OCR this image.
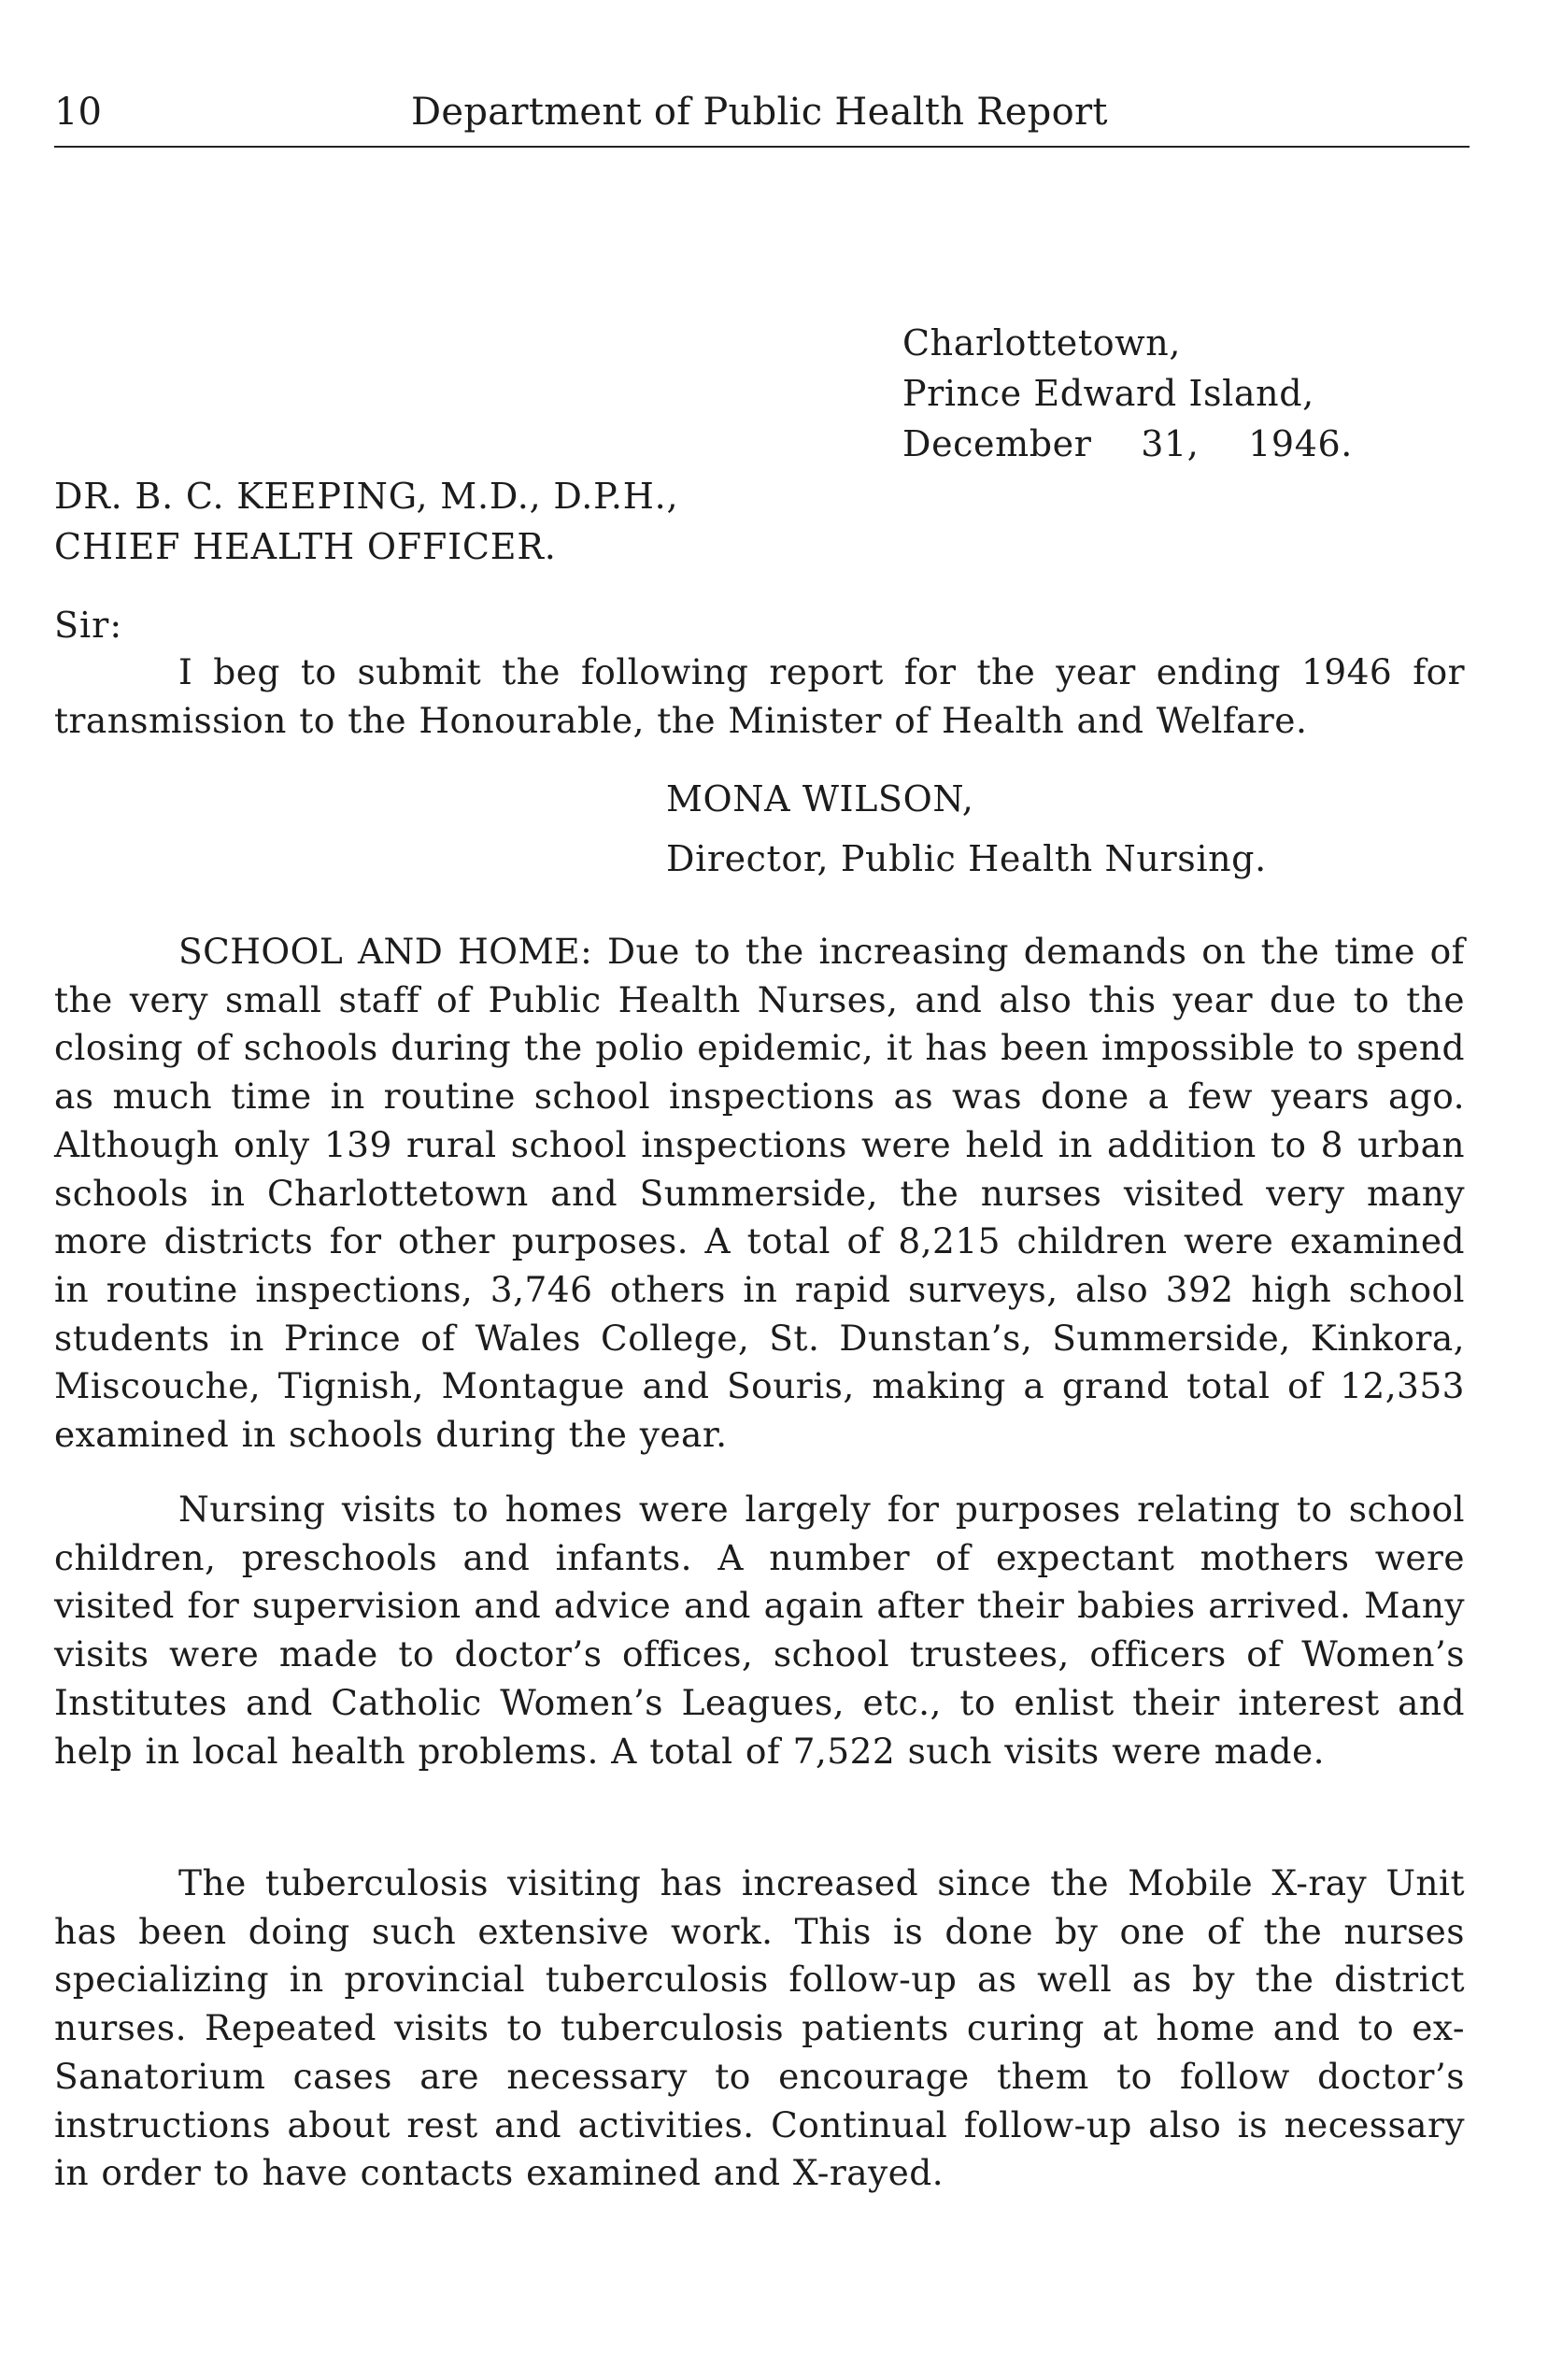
10	Department of Public Health Report
Charlottetown,
Prince Edward Island,
December 31, 1946.
DR. B. C. KEEPING, M.D., D.P.H.,
CHIEF HEALTH OFFICER.
Sir:

I beg to submit the following report for the year ending 1946 for transmission to the Honourable, the Minister of Health and Welfare.

MONA WILSON,
Director, Public Health Nursing.

SCHOOL AND HOME: Due to the increasing demands on the time of the very small staff of Public Health Nurses, and also this year due to the closing of schools during the polio epidemic, it has been impossible to spend as much time in routine school inspections as was done a few years ago. Although only 139 rural school inspections were held in addition to 8 urban schools in Charlottetown and Summerside, the nurses visited very many more districts for other purposes. A total of 8,215 children were examined in routine inspections, 3,746 others in rapid surveys, also 392 high school students in Prince of Wales College, St. Dunstan’s, Summerside, Kinkora, Miscouche, Tignish, Montague and Souris, making a grand total of 12,353 examined in schools during the year.

Nursing visits to homes were largely for purposes relating to school children, preschools and infants. A number of expectant mothers were visited for supervision and advice and again after their babies arrived. Many visits were made to doctor’s offices, school trustees, officers of Women’s Institutes and Catholic Women’s Leagues, etc., to enlist their interest and help in local health problems. A total of 7,522 such visits were made.

The tuberculosis visiting has increased since the Mobile X-ray Unit has been doing such extensive work. This is done by one of the nurses specializing in provincial tuberculosis follow-up as well as by the district nurses. Repeated visits to tuberculosis patients curing at home and to ex-Sanatorium cases are necessary to encourage them to follow doctor’s instructions about rest and activities. Continual follow-up also is necessary in order to have contacts examined and X-rayed.
